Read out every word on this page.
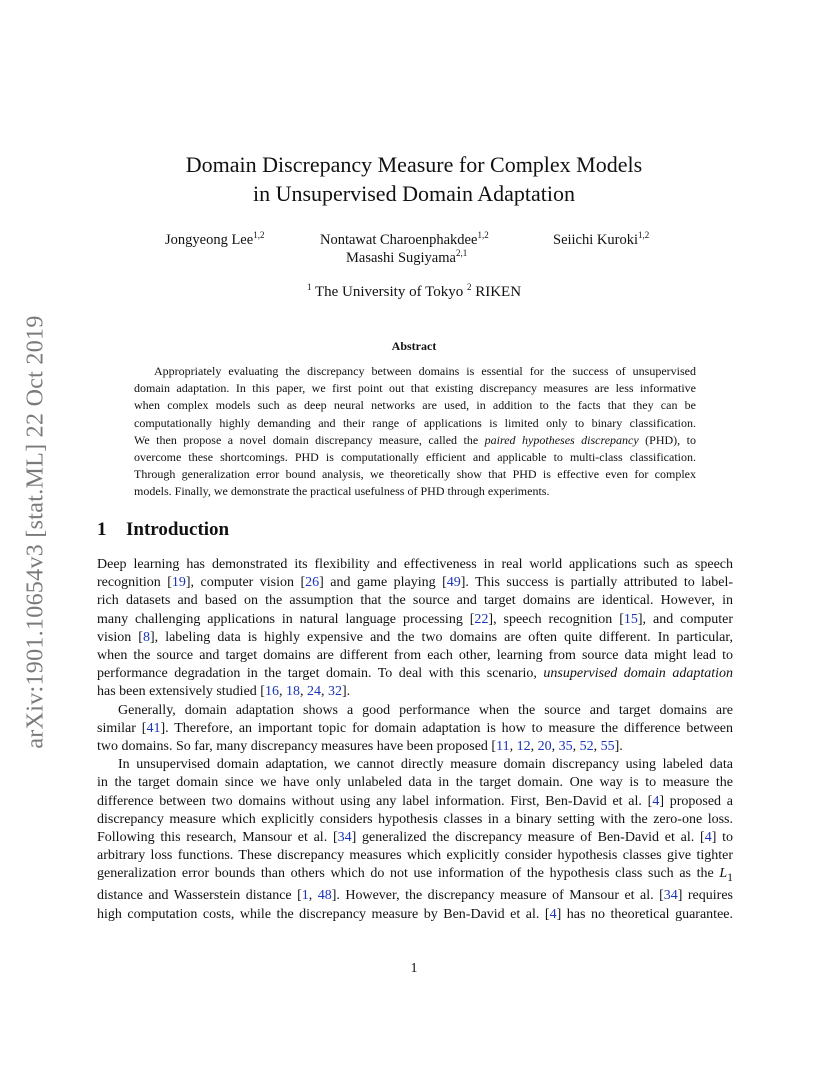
arXiv:1901.10654v3 [stat.ML] 22 Oct 2019
Domain Discrepancy Measure for Complex Models
in Unsupervised Domain Adaptation
Jongyeong Lee$^{1,2}$	Nontawat Charoenphakdee$^{1,2}$	Seiichi Kuroki$^{1,2}$
Masashi Sugiyama$^{2,1}$
$^1$ The University of Tokyo $^2$ RIKEN
Abstract
Appropriately evaluating the discrepancy between domains is essential for the success of unsupervised
domain adaptation. In this paper, we first point out that existing discrepancy measures are less informative
when complex models such as deep neural networks are used, in addition to the facts that they can be
computationally highly demanding and their range of applications is limited only to binary classification.
We then propose a novel domain discrepancy measure, called the paired hypotheses discrepancy (PHD), to
overcome these shortcomings. PHD is computationally efficient and applicable to multi-class classification.
Through generalization error bound analysis, we theoretically show that PHD is effective even for complex
models. Finally, we demonstrate the practical usefulness of PHD through experiments.
1 Introduction
Deep learning has demonstrated its flexibility and effectiveness in real world applications such as speech
recognition [19], computer vision [26] and game playing [49]. This success is partially attributed to label-
rich datasets and based on the assumption that the source and target domains are identical. However, in
many challenging applications in natural language processing [22], speech recognition [15], and computer
vision [8], labeling data is highly expensive and the two domains are often quite different. In particular,
when the source and target domains are different from each other, learning from source data might lead to
performance degradation in the target domain. To deal with this scenario, unsupervised domain adaptation
has been extensively studied [16, 18, 24, 32].
Generally, domain adaptation shows a good performance when the source and target domains are
similar [41]. Therefore, an important topic for domain adaptation is how to measure the difference between
two domains. So far, many discrepancy measures have been proposed [11, 12, 20, 35, 52, 55].
In unsupervised domain adaptation, we cannot directly measure domain discrepancy using labeled data
in the target domain since we have only unlabeled data in the target domain. One way is to measure the
difference between two domains without using any label information. First, Ben-David et al. [4] proposed a
discrepancy measure which explicitly considers hypothesis classes in a binary setting with the zero-one loss.
Following this research, Mansour et al. [34] generalized the discrepancy measure of Ben-David et al. [4] to
arbitrary loss functions. These discrepancy measures which explicitly consider hypothesis classes give tighter
generalization error bounds than others which do not use information of the hypothesis class such as the $L_1$
distance and Wasserstein distance [1, 48]. However, the discrepancy measure of Mansour et al. [34] requires
high computation costs, while the discrepancy measure by Ben-David et al. [4] has no theoretical guarantee.
1
